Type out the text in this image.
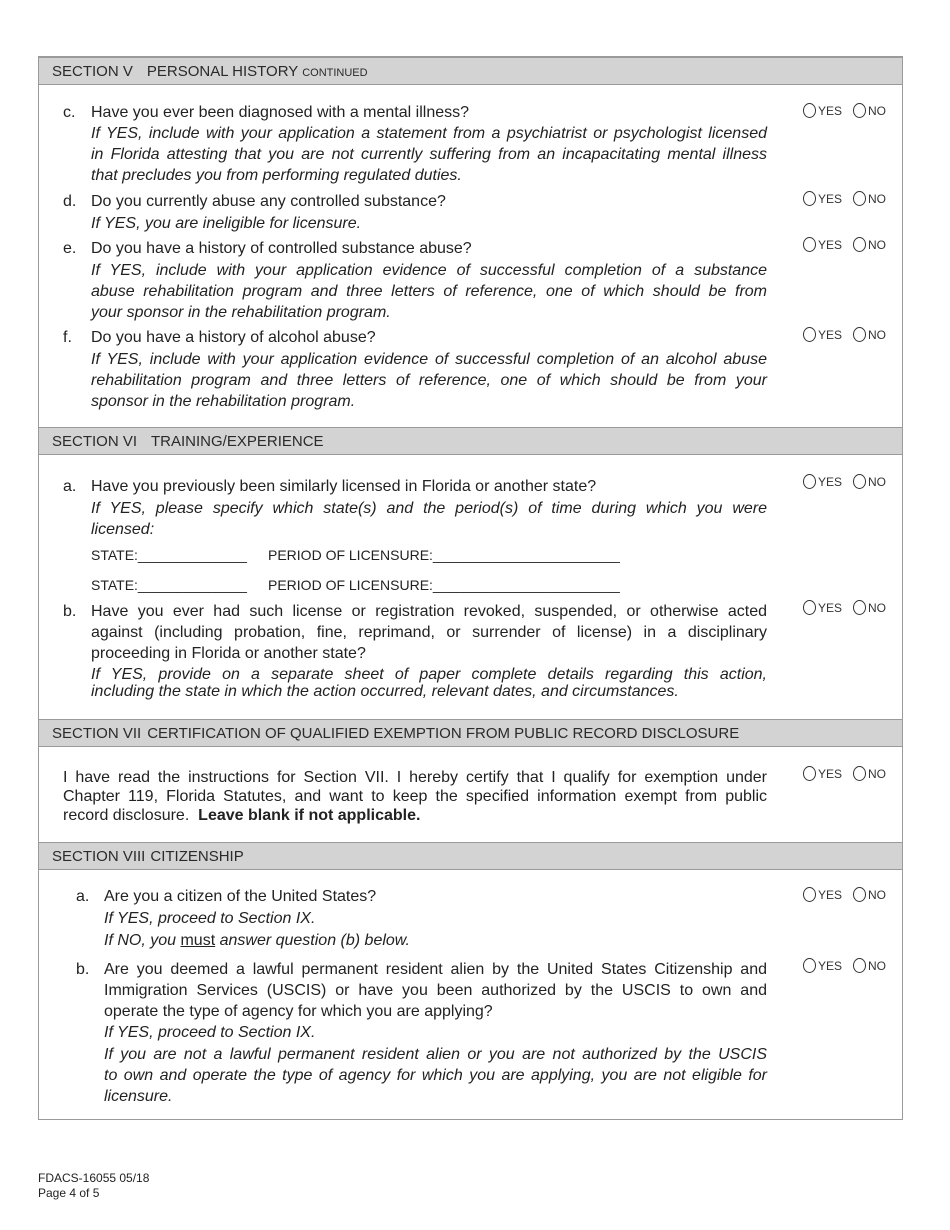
SECTION V PERSONAL HISTORY CONTINUED
c. Have you ever been diagnosed with a mental illness?
If YES, include with your application a statement from a psychiatrist or psychologist licensed
in Florida attesting that you are not currently suffering from an incapacitating mental illness
that precludes you from performing regulated duties.
YES NO
d. Do you currently abuse any controlled substance?
If YES, you are ineligible for licensure.
YES NO
e. Do you have a history of controlled substance abuse?
If YES, include with your application evidence of successful completion of a substance
abuse rehabilitation program and three letters of reference, one of which should be from
your sponsor in the rehabilitation program.
YES NO
f. Do you have a history of alcohol abuse?
If YES, include with your application evidence of successful completion of an alcohol abuse
rehabilitation program and three letters of reference, one of which should be from your
sponsor in the rehabilitation program.
YES NO
SECTION VI TRAINING/EXPERIENCE
a. Have you previously been similarly licensed in Florida or another state?
If YES, please specify which state(s) and the period(s) of time during which you were
licensed:
YES NO
STATE:______________ PERIOD OF LICENSURE:________________________
STATE:______________ PERIOD OF LICENSURE:________________________
b. Have you ever had such license or registration revoked, suspended, or otherwise acted
against (including probation, fine, reprimand, or surrender of license) in a disciplinary
proceeding in Florida or another state?
If YES, provide on a separate sheet of paper complete details regarding this action,
including the state in which the action occurred, relevant dates, and circumstances.
YES NO
SECTION VII CERTIFICATION OF QUALIFIED EXEMPTION FROM PUBLIC RECORD DISCLOSURE
I have read the instructions for Section VII. I hereby certify that I qualify for exemption under
Chapter 119, Florida Statutes, and want to keep the specified information exempt from public
record disclosure. Leave blank if not applicable.
YES NO
SECTION VIII CITIZENSHIP
a. Are you a citizen of the United States?
If YES, proceed to Section IX.
If NO, you must answer question (b) below.
YES NO
b. Are you deemed a lawful permanent resident alien by the United States Citizenship and
Immigration Services (USCIS) or have you been authorized by the USCIS to own and
operate the type of agency for which you are applying?
If YES, proceed to Section IX.
If you are not a lawful permanent resident alien or you are not authorized by the USCIS
to own and operate the type of agency for which you are applying, you are not eligible for
licensure.
YES NO
FDACS-16055 05/18
Page 4 of 5
